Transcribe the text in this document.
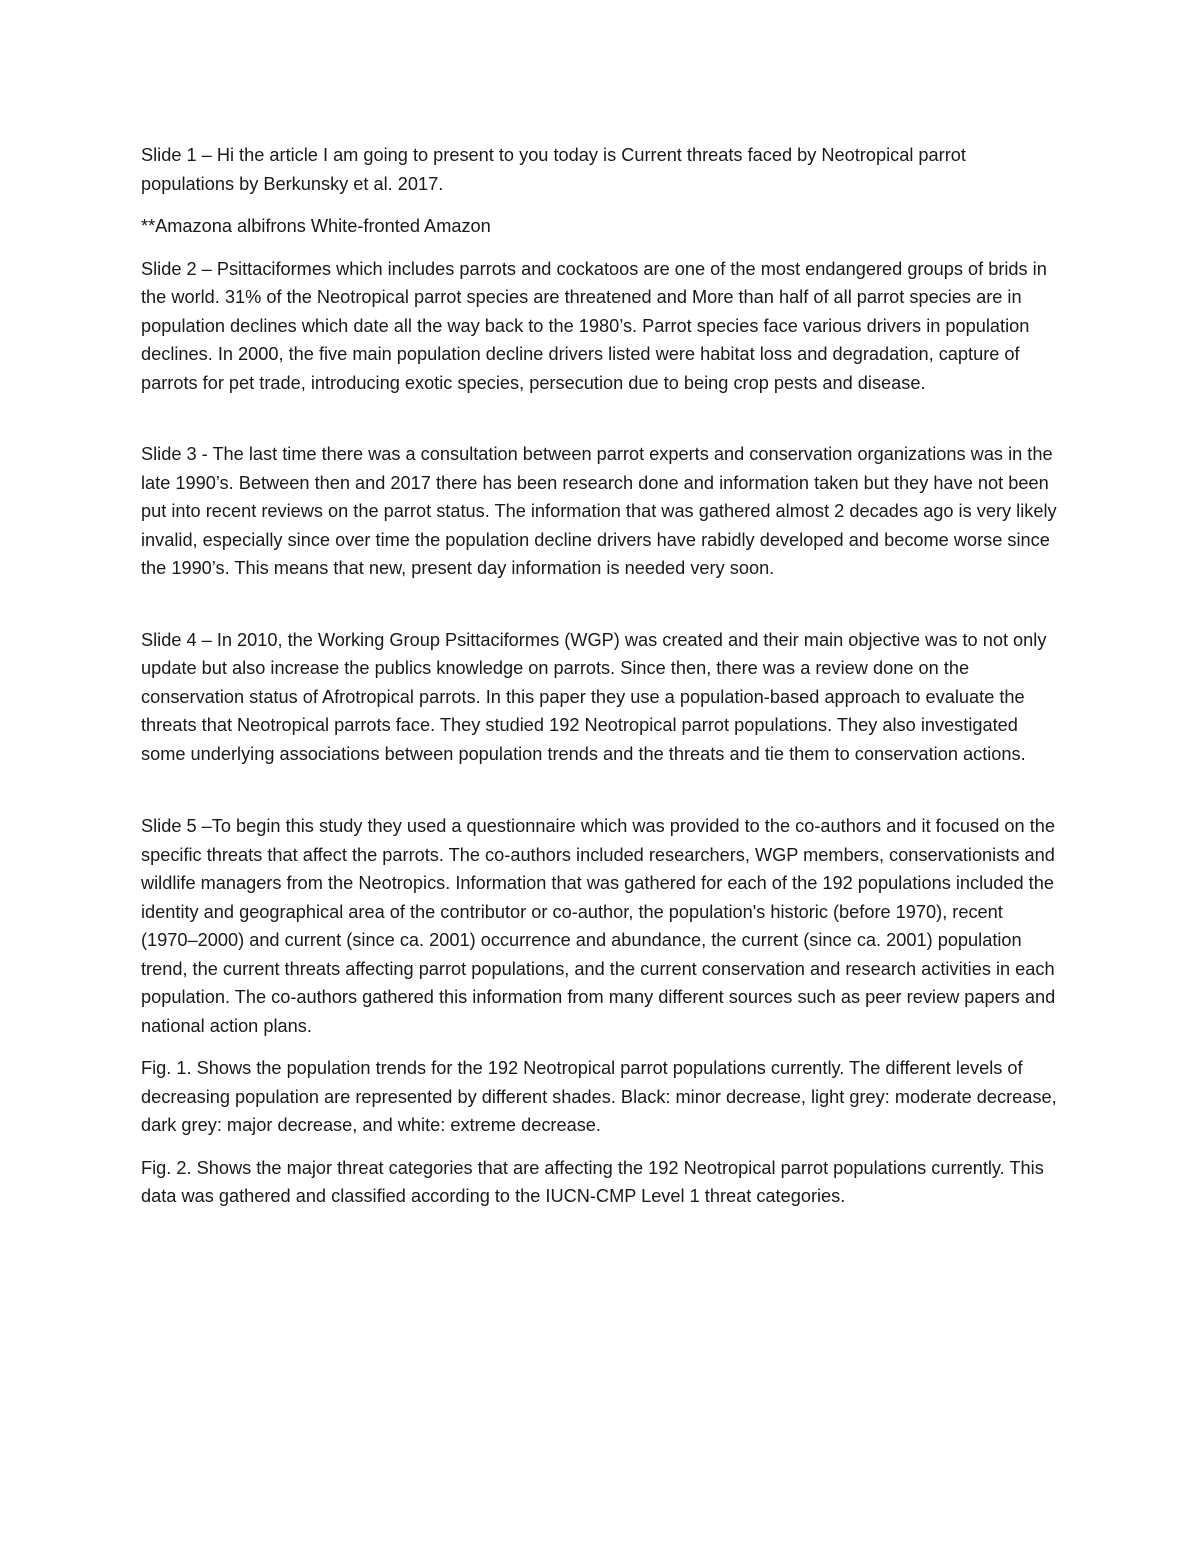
Slide 1 – Hi the article I am going to present to you today is Current threats faced by Neotropical parrot populations by Berkunsky et al. 2017.

**Amazona albifrons White-fronted Amazon

Slide 2 – Psittaciformes which includes parrots and cockatoos are one of the most endangered groups of brids in the world. 31% of the Neotropical parrot species are threatened and More than half of all parrot species are in population declines which date all the way back to the 1980’s. Parrot species face various drivers in population declines. In 2000, the five main population decline drivers listed were habitat loss and degradation, capture of parrots for pet trade, introducing exotic species, persecution due to being crop pests and disease.

Slide 3 - The last time there was a consultation between parrot experts and conservation organizations was in the late 1990’s. Between then and 2017 there has been research done and information taken but they have not been put into recent reviews on the parrot status. The information that was gathered almost 2 decades ago is very likely invalid, especially since over time the population decline drivers have rabidly developed and become worse since the 1990’s. This means that new, present day information is needed very soon.

Slide 4 – In 2010, the Working Group Psittaciformes (WGP) was created and their main objective was to not only update but also increase the publics knowledge on parrots. Since then, there was a review done on the conservation status of Afrotropical parrots. In this paper they use a population-based approach to evaluate the threats that Neotropical parrots face. They studied 192 Neotropical parrot populations. They also investigated some underlying associations between population trends and the threats and tie them to conservation actions.

Slide 5 –To begin this study they used a questionnaire which was provided to the co-authors and it focused on the specific threats that affect the parrots. The co-authors included researchers, WGP members, conservationists and wildlife managers from the Neotropics. Information that was gathered for each of the 192 populations included the identity and geographical area of the contributor or co-author, the population's historic (before 1970), recent (1970–2000) and current (since ca. 2001) occurrence and abundance, the current (since ca. 2001) population trend, the current threats affecting parrot populations, and the current conservation and research activities in each population. The co-authors gathered this information from many different sources such as peer review papers and national action plans.

Fig. 1. Shows the population trends for the 192 Neotropical parrot populations currently. The different levels of decreasing population are represented by different shades. Black: minor decrease, light grey: moderate decrease, dark grey: major decrease, and white: extreme decrease.

Fig. 2. Shows the major threat categories that are affecting the 192 Neotropical parrot populations currently. This data was gathered and classified according to the IUCN-CMP Level 1 threat categories.
